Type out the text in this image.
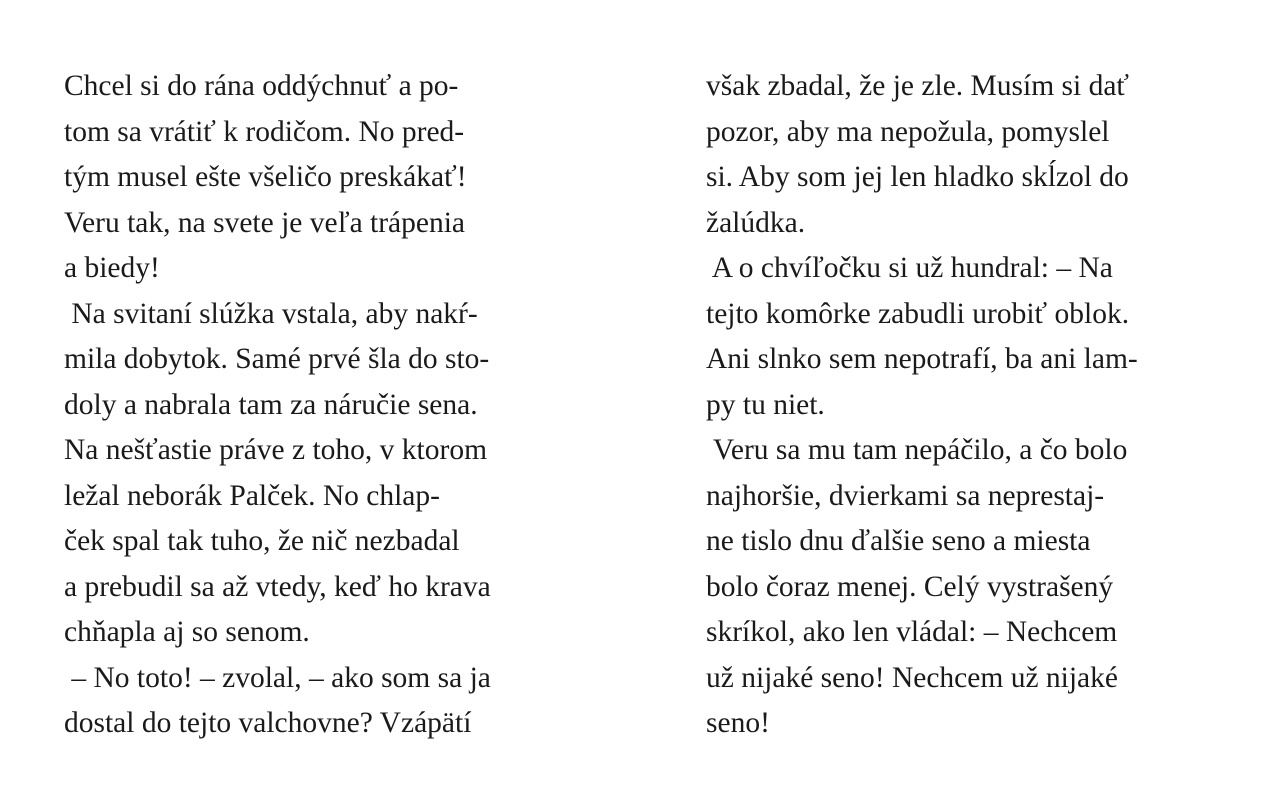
Chcel si do rána oddýchnuť a po-
tom sa vrátiť k rodičom. No pred-
tým musel ešte všeličo preskákať!
Veru tak, na svete je veľa trápenia
a biedy!
Na svitaní slúžka vstala, aby nakŕ-
mila dobytok. Samé prvé šla do sto-
doly a nabrala tam za náručie sena.
Na nešťastie práve z toho, v ktorom
ležal neborák Palček. No chlap-
ček spal tak tuho, že nič nezbadal
a prebudil sa až vtedy, keď ho krava
chňapla aj so senom.
– No toto! – zvolal, – ako som sa ja
dostal do tejto valchovne? Vzápätí
však zbadal, že je zle. Musím si dať
pozor, aby ma nepožula, pomyslel
si. Aby som jej len hladko skĺzol do
žalúdka.
A o chvíľočku si už hundral: – Na
tejto komôrke zabudli urobiť oblok.
Ani slnko sem nepotrafí, ba ani lam-
py tu niet.
Veru sa mu tam nepáčilo, a čo bolo
najhoršie, dvierkami sa neprestaj-
ne tislo dnu ďalšie seno a miesta
bolo čoraz menej. Celý vystrašený
skríkol, ako len vládal: – Nechcem
už nijaké seno! Nechcem už nijaké
seno!
